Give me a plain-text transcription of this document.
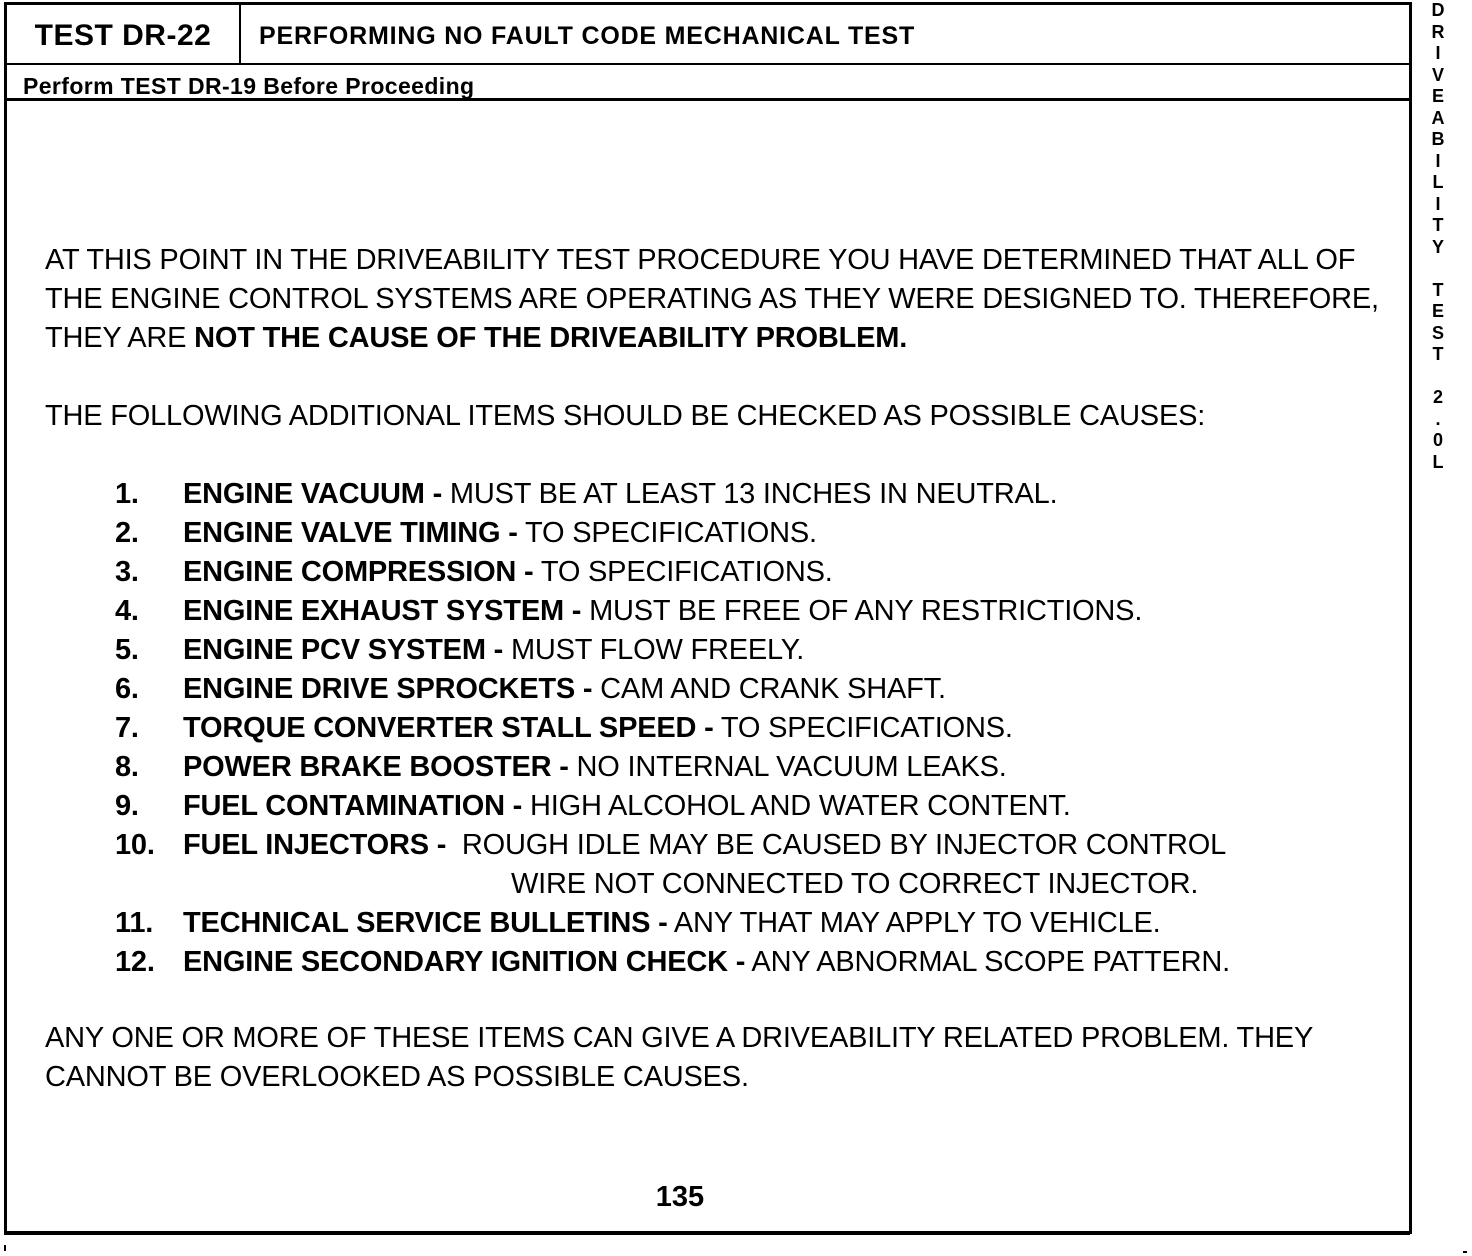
TEST DR-22	PERFORMING NO FAULT CODE MECHANICAL TEST
Perform TEST DR-19 Before Proceeding
AT THIS POINT IN THE DRIVEABILITY TEST PROCEDURE YOU HAVE DETERMINED THAT ALL OF THE ENGINE CONTROL SYSTEMS ARE OPERATING AS THEY WERE DESIGNED TO. THEREFORE, THEY ARE NOT THE CAUSE OF THE DRIVEABILITY PROBLEM.
THE FOLLOWING ADDITIONAL ITEMS SHOULD BE CHECKED AS POSSIBLE CAUSES:
1.	ENGINE VACUUM - MUST BE AT LEAST 13 INCHES IN NEUTRAL.
2.	ENGINE VALVE TIMING - TO SPECIFICATIONS.
3.	ENGINE COMPRESSION - TO SPECIFICATIONS.
4.	ENGINE EXHAUST SYSTEM - MUST BE FREE OF ANY RESTRICTIONS.
5.	ENGINE PCV SYSTEM - MUST FLOW FREELY.
6.	ENGINE DRIVE SPROCKETS - CAM AND CRANK SHAFT.
7.	TORQUE CONVERTER STALL SPEED - TO SPECIFICATIONS.
8.	POWER BRAKE BOOSTER - NO INTERNAL VACUUM LEAKS.
9.	FUEL CONTAMINATION - HIGH ALCOHOL AND WATER CONTENT.
10. FUEL INJECTORS -  ROUGH IDLE MAY BE CAUSED BY INJECTOR CONTROL
WIRE NOT CONNECTED TO CORRECT INJECTOR.
11.	TECHNICAL SERVICE BULLETINS - ANY THAT MAY APPLY TO VEHICLE.
12. ENGINE SECONDARY IGNITION CHECK - ANY ABNORMAL SCOPE PATTERN.
ANY ONE OR MORE OF THESE ITEMS CAN GIVE A DRIVEABILITY RELATED PROBLEM. THEY CANNOT BE OVERLOOKED AS POSSIBLE CAUSES.
135
D
R
I
V
E
A
B
I
L
I
T
Y
T
E
S
T
2
.
0
L
